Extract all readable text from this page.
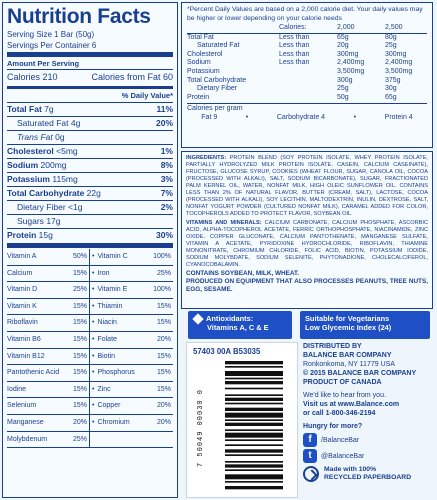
Nutrition Facts
Serving Size 1 Bar (50g)
Servings Per Container 6
Amount Per Serving
Calories 210	Calories from Fat 60
% Daily Value*
Total Fat 7g	11%
Saturated Fat 4g	20%
Trans Fat 0g
Cholesterol <5mg	1%
Sodium 200mg	8%
Potassium 115mg	3%
Total Carbohydrate 22g	7%
Dietary Fiber <1g	2%
Sugars 17g
Protein 15g	30%
Vitamin A	50% • Vitamin C	100%
Calcium	15% • Iron	25%
Vitamin D	25% • Vitamin E	100%
Vitamin K	15% • Thiamin	15%
Riboflavin	15% • Niacin	15%
Vitamin B6	15% • Folate	20%
Vitamin B12	15% • Biotin	15%
Pantothenic Acid 15% • Phosphorus	15%
Iodine	15% • Zinc	15%
Selenium	15% • Copper	20%
Manganese	20% • Chromium	20%
Molybdenum	25%
*Percent Daily Values are based on a 2,000 calorie diet. Your daily values may be higher or lower depending on your calorie needs
	Calories:	2,000	2,500
Total Fat	Less than	65g	80g
Saturated Fat	Less than	20g	25g
Cholesterol	Less than	300mg	300mg
Sodium	Less than	2,400mg	2,400mg
Potassium		3,500mg	3,500mg
Total Carbohydrate		300g	375g
Dietary Fiber		25g	30g
Protein		50g	65g
Calories per gram
Fat 9	•	Carbohydrate 4	•	Protein 4
INGREDIENTS: PROTEIN BLEND (SOY PROTEIN ISOLATE, WHEY PROTEIN ISOLATE, PARTIALLY HYDROLYZED MILK PROTEIN ISOLATE, CASEIN, CALCIUM CASEINATE), FRUCTOSE, GLUCOSE SYRUP, COOKIES (WHEAT FLOUR, SUGAR, CANOLA OIL, COCOA (PROCESSED WITH ALKALI), SALT, SODIUM BICARBONATE), SUGAR, FRACTIONATED PALM KERNEL OIL, WATER, NONFAT MILK, HIGH OLEIC SUNFLOWER OIL. CONTAINS LESS THAN 2% OF NATURAL FLAVOR, BUTTER (CREAM, SALT), LACTOSE, COCOA (PROCESSED WITH ALKALI), SOY LECITHIN, MALTODEXTRIN, INULIN, DEXTROSE, SALT, NONFAT YOGURT POWDER (CULTURED NONFAT MILK), CARAMEL ADDED FOR COLOR, TOCOPHEROLS ADDED TO PROTECT FLAVOR, SOYBEAN OIL.
VITAMINS AND MINERALS: CALCIUM CARBONATE, CALCIUM PHOSPHATE, ASCORBIC ACID, ALPHA-TOCOPHEROL ACETATE, FERRIC ORTHOPHOSPHATE, NIACINAMIDE, ZINC OXIDE, COPPER GLUCONATE, CALCIUM PANTOTHENATE, MANGANESE SULFATE, VITAMIN A ACETATE, PYRIDOXINE HYDROCHLORIDE, RIBOFLAVIN, THIAMINE MONONITRATE, CHROMIUM CHLORIDE, FOLIC ACID, BIOTIN, POTASSIUM IODIDE, SODIUM MOLYBDATE, SODIUM SELENITE, PHYTONADIONE, CHOLECALCIFEROL, CYANOCOBALAMIN.
CONTAINS SOYBEAN, MILK, WHEAT.
PRODUCED ON EQUIPMENT THAT ALSO PROCESSES PEANUTS, TREE NUTS, EGG, SESAME.
Antioxidants:
Vitamins A, C & E
Suitable for Vegetarians
Low Glycemic Index (24)
57403 00A B53035
7 50049 00030 0
DISTRIBUTED BY
BALANCE BAR COMPANY
Ronkonkoma, NY 11779 USA
© 2015 BALANCE BAR COMPANY
PRODUCT OF CANADA
We'd like to hear from you.
Visit us at www.Balance.com
or call 1-800-346-2194
Hungry for more?
f	/BalanceBar
t	@BalanceBar
Made with 100%
RECYCLED PAPERBOARD
